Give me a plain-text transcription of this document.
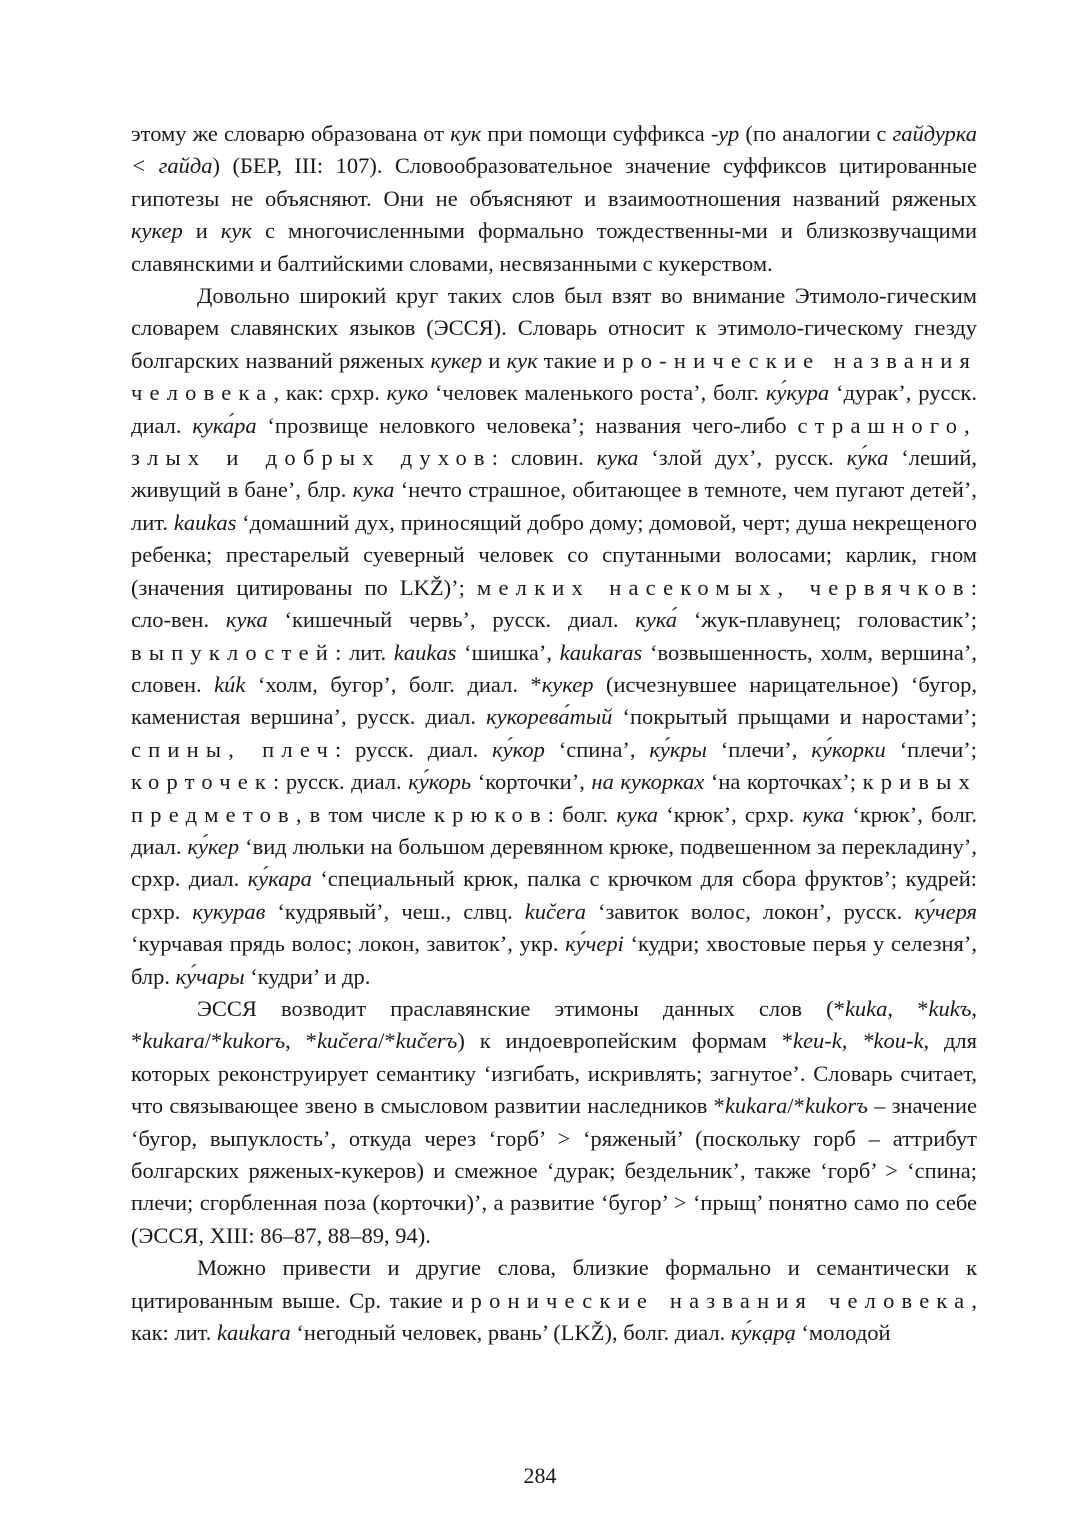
этому же словарю образована от кук при помощи суффикса -ур (по аналогии с гайдурка < гайда) (БЕР, III: 107). Словообразовательное значение суффиксов цитированные гипотезы не объясняют. Они не объясняют и взаимоотношения названий ряженых кукер и кук с многочисленными формально тождественны-ми и близкозвучащими славянскими и балтийскими словами, несвязанными с кукерством.

Довольно широкий круг таких слов был взят во внимание Этимоло-гическим словарем славянских языков (ЭССЯ). Словарь относит к этимоло-гическому гнезду болгарских названий ряженых кукер и кук такие иро-нические названия человека, как: срхр. куко ‘человек маленького роста’, болг. ку́кура ‘дурак’, русск. диал. кука́ра ‘прозвище неловкого человека’; названия чего-либо страшного, злых и добрых духов: словин. кука ‘злой дух’, русск. ку́ка ‘леший, живущий в бане’, блр. кука ‘нечто страшное, обитающее в темноте, чем пугают детей’, лит. kaukas ‘домашний дух, приносящий добро дому; домовой, черт; душа некрещеного ребенка; престарелый суеверный человек со спутанными волосами; карлик, гном (значения цитированы по LKŽ)’; мелких насекомых, червячков: сло-вен. кука ‘кишечный червь’, русск. диал. кука́ ‘жук-плавунец; головастик’; выпуклостей: лит. kaukas ‘шишка’, kaukaras ‘возвышенность, холм, вершина’, словен. kúk ‘холм, бугор’, болг. диал. *кукер (исчезнувшее нарицательное) ‘бугор, каменистая вершина’, русск. диал. кукорева́тый ‘покрытый прыщами и наростами’; спины, плеч: русск. диал. ку́кор ‘спина’, ку́кры ‘плечи’, ку́корки ‘плечи’; корточек: русск. диал. ку́корь ‘корточки’, на кукорках ‘на корточках’; кривых предметов, в том числе крюков: болг. кука ‘крюк’, срхр. кука ‘крюк’, болг. диал. ку́кер ‘вид люльки на большом деревянном крюке, подвешенном за перекладину’, срхр. диал. ку́кара ‘специальный крюк, палка с крючком для сбора фруктов’; кудрей: срхр. кукурав ‘кудрявый’, чеш., слвц. kučera ‘завиток волос, локон’, русск. ку́черя ‘курчавая прядь волос; локон, завиток’, укр. ку́чері ‘кудри; хвостовые перья у селезня’, блр. ку́чары ‘кудри’ и др.

ЭССЯ возводит праславянские этимоны данных слов (*kuka, *kukъ, *kukara/*kukorъ, *kučera/*kučerъ) к индоевропейским формам *keu-k, *kou-k, для которых реконструирует семантику ‘изгибать, искривлять; загнутое’. Словарь считает, что связывающее звено в смысловом развитии наследников *kukara/*kukorъ – значение ‘бугор, выпуклость’, откуда через ‘горб’ > ‘ряженый’ (поскольку горб – аттрибут болгарских ряженых-кукеров) и смежное ‘дурак; бездельник’, также ‘горб’ > ‘спина; плечи; сгорбленная поза (корточки)’, а развитие ‘бугор’ > ‘прыщ’ понятно само по себе (ЭССЯ, XIII: 86–87, 88–89, 94).

Можно привести и другие слова, близкие формально и семантически к цитированным выше. Ср. такие иронические названия человека, как: лит. kaukara ‘негодный человек, рвань’ (LKŽ), болг. диал. ку́кạрạ ‘молодой

284
